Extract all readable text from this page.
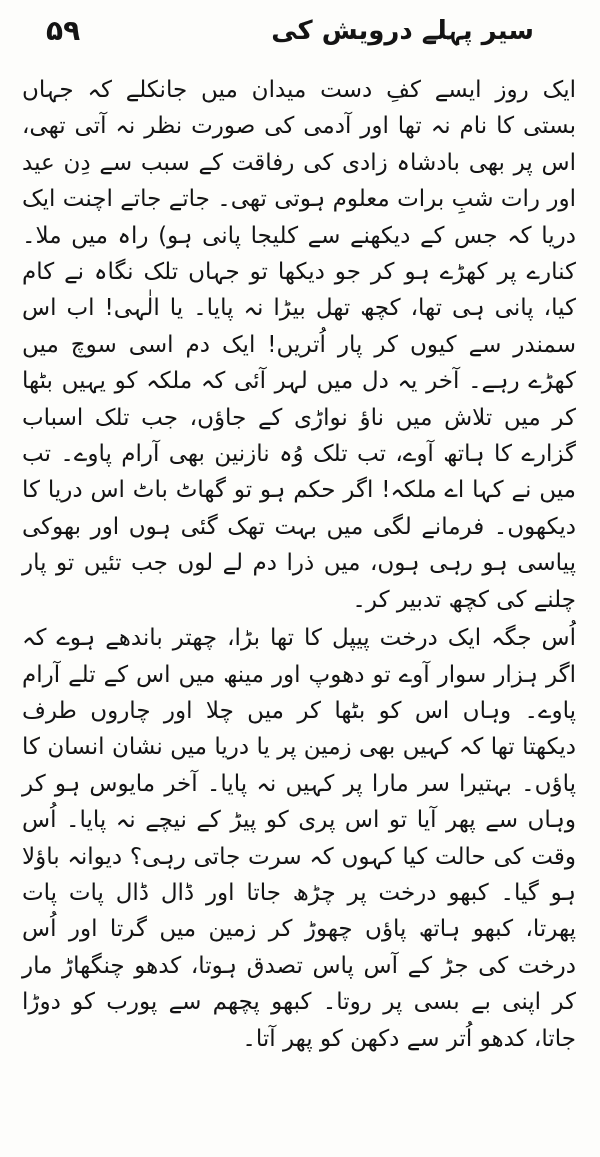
۵۹	سیر پہلے درویش کی

ایک روز ایسے کفِ دست میدان میں جانکلے کہ جہاں بستی کا نام نہ تھا اور آدمی کی صورت نظر نہ آتی تھی، اس پر بھی بادشاہ زادی کی رفاقت کے سبب سے دِن عید اور رات شبِ برات معلوم ہوتی تھی۔ جاتے جاتے اچنت ایک دریا کہ جس کے دیکھنے سے کلیجا پانی ہو) راہ میں ملا۔ کنارے پر کھڑے ہو کر جو دیکھا تو جہاں تلک نگاہ نے کام کیا، پانی ہی تھا، کچھ تھل بیڑا نہ پایا۔ یا الٰہی! اب اس سمندر سے کیوں کر پار اُتریں! ایک دم اسی سوچ میں کھڑے رہے۔ آخر یہ دل میں لہر آئی کہ ملکہ کو یہیں بٹھا کر میں تلاش میں ناؤ نواڑی کے جاؤں، جب تلک اسباب گزارے کا ہاتھ آوے، تب تلک وُہ نازنین بھی آرام پاوے۔ تب میں نے کہا اے ملکہ! اگر حکم ہو تو گھاٹ باٹ اس دریا کا دیکھوں۔ فرمانے لگی میں بہت تھک گئی ہوں اور بھوکی پیاسی ہو رہی ہوں، میں ذرا دم لے لوں جب تئیں تو پار چلنے کی کچھ تدبیر کر۔

اُس جگہ ایک درخت پیپل کا تھا بڑا، چھتر باندھے ہوے کہ اگر ہزار سوار آوے تو دھوپ اور مینھ میں اس کے تلے آرام پاوے۔ وہاں اس کو بٹھا کر میں چلا اور چاروں طرف دیکھتا تھا کہ کہیں بھی زمین پر یا دریا میں نشان انسان کا پاؤں۔ بہتیرا سر مارا پر کہیں نہ پایا۔ آخر مایوس ہو کر وہاں سے پھر آیا تو اس پری کو پیڑ کے نیچے نہ پایا۔ اُس وقت کی حالت کیا کہوں کہ سرت جاتی رہی؟ دیوانہ باؤلا ہو گیا۔ کبھو درخت پر چڑھ جاتا اور ڈال ڈال پات پات پھرتا، کبھو ہاتھ پاؤں چھوڑ کر زمین میں گرتا اور اُس درخت کی جڑ کے آس پاس تصدق ہوتا، کدھو چنگھاڑ مار کر اپنی بے بسی پر روتا۔ کبھو پچھم سے پورب کو دوڑا جاتا، کدھو اُتر سے دکھن کو پھر آتا۔
